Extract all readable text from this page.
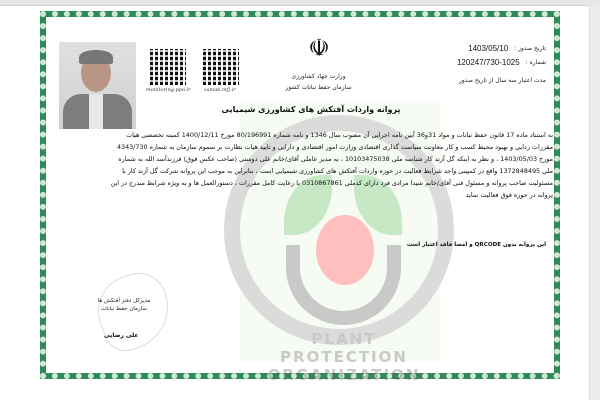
PLANT PROTECTION ORGANIZATION
monitoring.ppo.ir	samak.mfj.ir
☫
وزارت جهاد کشاورزی
سازمان حفظ نباتات کشور
تاریخ صدور :
1403/05/10
شماره :
120247/730-1025
مدت اعتبار سه سال از تاریخ صدور
پروانه واردات آفتکش های کشاورزی شیمیایی
به استناد ماده 17 قانون حفظ نباتات و مواد 31و36 آیین نامه اجرایی آن مصوب سال 1346 و نامه شماره 80/196991 مورخ 1400/12/11 کمیته تخصصی هیات
مقررات زدایی و بهبود محیط کسب و کار معاونت سیاست گذاری اقتصادی وزارت امور اقتصادی و دارایی و تایید هیات نظارت بر سموم سازمان به شماره 4343/730
مورخ 1403/05/03 ، و نظر به اینکه گل آزند کار شناسه ملی 10103475038 ، به مدیر عاملی آقای/خانم علی دوستی (صاحب عکس فوق) فرزندآسد الله به شماره
ملی 1372848495 واقع در کمپینی واجد شرایط فعالیت در حوزه واردات آفتکش های کشاورزی شیمیایی است ، بنابراین به موجب این پروانه شرکت گل آزند کار با
مسئولیت صاحب پروانه و مسئول فنی آقای/خانم شیدا مرادی فرد دارای کدملی 0310867861 با رعایت کامل مقررات ، دستورالعمل ها و به ویژه شرایط مندرج در این
پروانه در حوزه فوق فعالیت نماید
این پروانه بدون QRCODE و امضا فاقد اعتبار است
مدیرکل دفتر آفتکش ها
سازمان حفظ نباتات
علی رضایی
